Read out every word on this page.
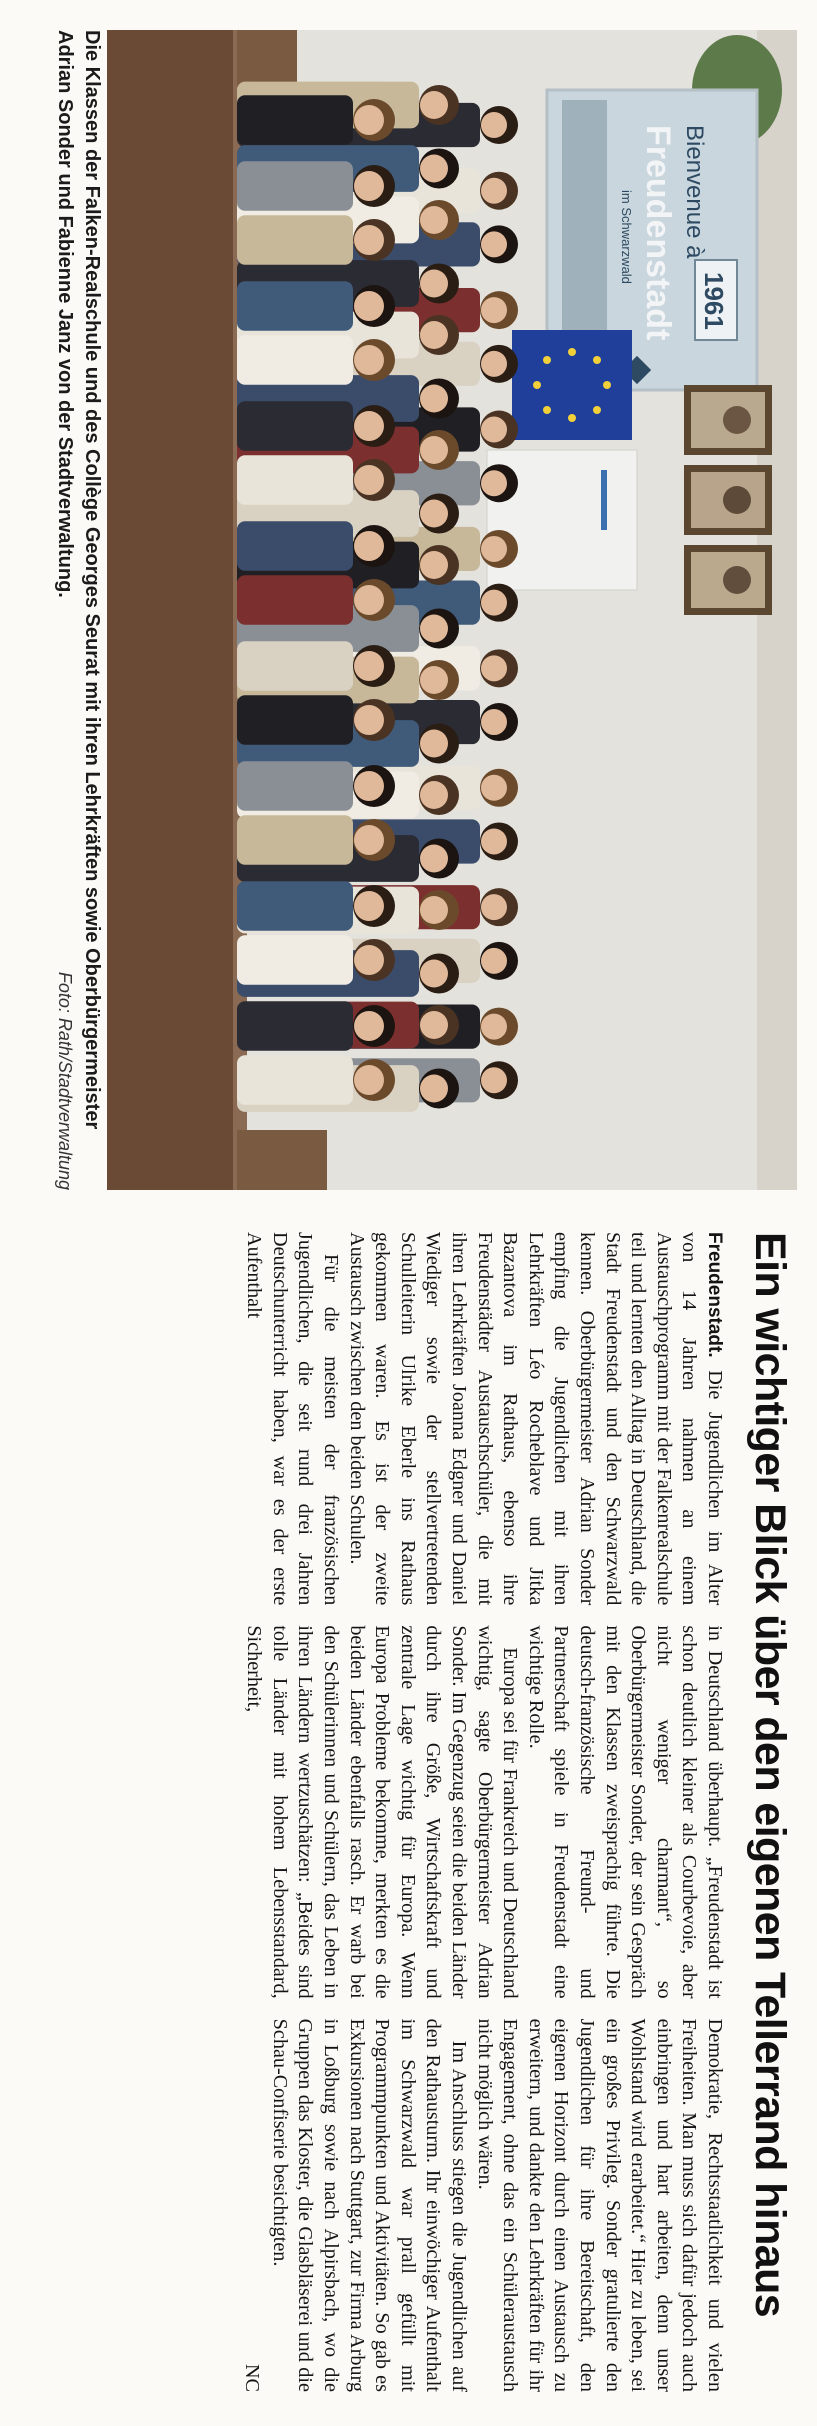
Bienvenue à
Freudenstadt
im Schwarzwald
1961
Die Klassen der Falken-Realschule und des Collège Georges Seurat mit ihren Lehrkräften sowie Oberbürgermeister Adrian Sonder und Fabienne Janz von der Stadtverwaltung.
Foto: Rath/Stadtverwaltung
Ein wichtiger Blick über den eigenen Tellerrand hinaus

Freudenstadt. Die Jugendlichen im Alter von 14 Jahren nahmen an einem Austauschprogramm mit der Falkenrealschule teil und lernten den Alltag in Deutschland, die Stadt Freudenstadt und den Schwarzwald kennen. Oberbürgermeister Adrian Sonder empfing die Jugendlichen mit ihren Lehrkräften Léo Rocheblave und Jitka Bazantova im Rathaus, ebenso ihre Freudenstädter Austauschschüler, die mit ihren Lehrkräften Joanna Edgner und Daniel Wiediger sowie der stellvertretenden Schulleiterin Ulrike Eberle ins Rathaus gekommen waren. Es ist der zweite Austausch zwischen den beiden Schulen.

Für die meisten der französischen Jugendlichen, die seit rund drei Jahren Deutschunterricht haben, war es der erste Aufenthalt

in Deutschland überhaupt. „Freudenstadt ist schon deutlich kleiner als Courbevoie, aber nicht weniger charmant“, so Oberbürgermeister Sonder, der sein Gespräch mit den Klassen zweisprachig führte. Die deutsch-französische Freund- und Partnerschaft spiele in Freudenstadt eine wichtige Rolle.

Europa sei für Frankreich und Deutschland wichtig, sagte Oberbürgermeister Adrian Sonder. Im Gegenzug seien die beiden Länder durch ihre Größe, Wirtschaftskraft und zentrale Lage wichtig für Europa. Wenn Europa Probleme bekomme, merkten es die beiden Länder ebenfalls rasch. Er warb bei den Schülerinnen und Schülern, das Leben in ihren Ländern wertzuschätzen: „Beides sind tolle Länder mit hohem Lebensstandard, Sicherheit,

Demokratie, Rechtsstaatlichkeit und vielen Freiheiten. Man muss sich dafür jedoch auch einbringen und hart arbeiten, denn unser Wohlstand wird erarbeitet.“ Hier zu leben, sei ein großes Privileg. Sonder gratulierte den Jugendlichen für ihre Bereitschaft, den eigenen Horizont durch einen Austausch zu erweitern, und dankte den Lehrkräften für ihr Engagement, ohne das ein Schüleraustausch nicht möglich wären.

Im Anschluss stiegen die Jugendlichen auf den Rathausturm. Ihr einwöchiger Aufenthalt im Schwarzwald war prall gefüllt mit Programmpunkten und Aktivitäten. So gab es Exkursionen nach Stuttgart, zur Firma Arburg in Loßburg sowie nach Alpirsbach, wo die Gruppen das Kloster, die Glasbläserei und die Schau-Confiserie besichtigten.

NC
